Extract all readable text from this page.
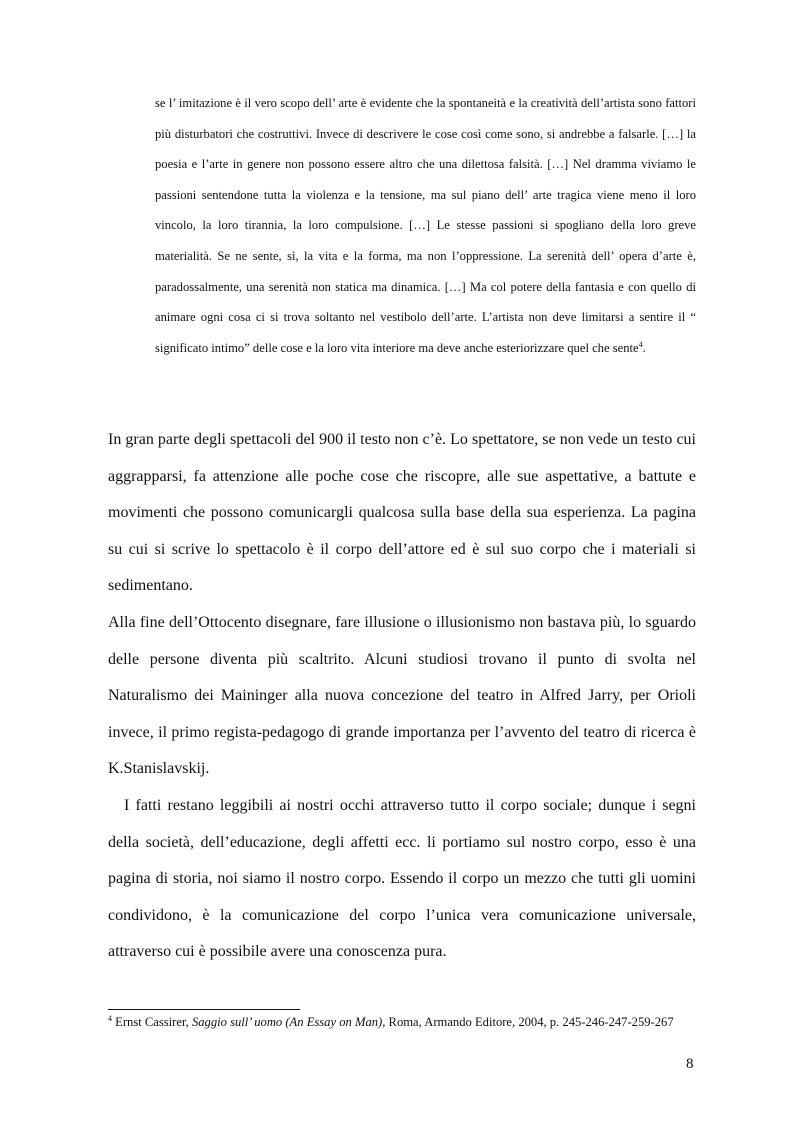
se l’ imitazione è il vero scopo dell’ arte è evidente che la spontaneità e la creatività dell’artista sono fattori più disturbatori che costruttivi. Invece di descrivere le cose così come sono, si andrebbe a falsarle. […] la poesia e l’arte in genere non possono essere altro che una dilettosa falsità. […] Nel dramma viviamo le passioni sentendone tutta la violenza e la tensione, ma sul piano dell’ arte tragica viene meno il loro vincolo, la loro tirannia, la loro compulsione. […] Le stesse passioni si spogliano della loro greve materialità. Se ne sente, sì, la vita e la forma, ma non l’oppressione. La serenità dell’ opera d’arte è, paradossalmente, una serenità non statica ma dinamica. […] Ma col potere della fantasia e con quello di animare ogni cosa ci si trova soltanto nel vestibolo dell’arte. L’artista non deve limitarsi a sentire il “ significato intimo” delle cose e la loro vita interiore ma deve anche esteriorizzare quel che sente$^4$.

In gran parte degli spettacoli del 900 il testo non c’è. Lo spettatore, se non vede un testo cui aggrapparsi, fa attenzione alle poche cose che riscopre, alle sue aspettative, a battute e movimenti che possono comunicargli qualcosa sulla base della sua esperienza. La pagina su cui si scrive lo spettacolo è il corpo dell’attore ed è sul suo corpo che i materiali si sedimentano.

Alla fine dell’Ottocento disegnare, fare illusione o illusionismo non bastava più, lo sguardo delle persone diventa più scaltrito. Alcuni studiosi trovano il punto di svolta nel Naturalismo dei Maininger alla nuova concezione del teatro in Alfred Jarry, per Orioli invece, il primo regista-pedagogo di grande importanza per l’avvento del teatro di ricerca è K.Stanislavskij.

I fatti restano leggibili ai nostri occhi attraverso tutto il corpo sociale; dunque i segni della società, dell’educazione, degli affetti ecc. li portiamo sul nostro corpo, esso è una pagina di storia, noi siamo il nostro corpo. Essendo il corpo un mezzo che tutti gli uomini condividono, è la comunicazione del corpo l’unica vera comunicazione universale, attraverso cui è possibile avere una conoscenza pura.

$^4$ Ernst Cassirer, Saggio sull’ uomo (An Essay on Man), Roma, Armando Editore, 2004, p. 245-246-247-259-267

8
